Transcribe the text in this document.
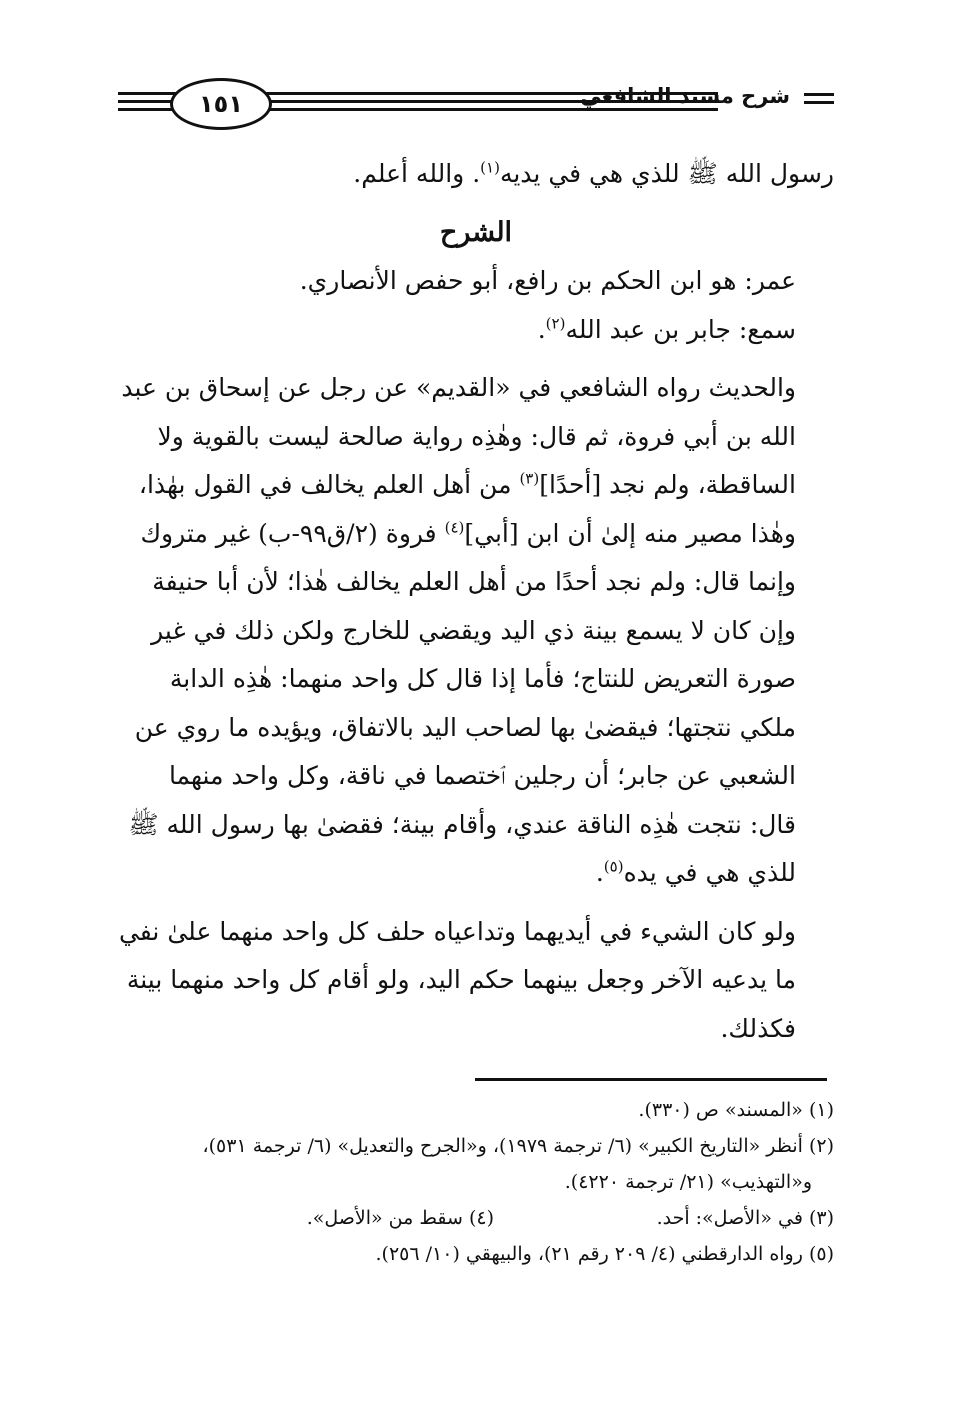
١٥١	شرح مسند الشافعي

رسول الله ﷺ للذي هي في يديه$^{(١)}$. والله أعلم.

الشرح

عمر: هو ابن الحكم بن رافع، أبو حفص الأنصاري.

سمع: جابر بن عبد الله$^{(٢)}$.

والحديث رواه الشافعي في «القديم» عن رجل عن إسحاق بن عبد الله بن أبي فروة، ثم قال: وهٰذِه رواية صالحة ليست بالقوية ولا الساقطة، ولم نجد [أحدًا]$^{(٣)}$ من أهل العلم يخالف في القول بهٰذا، وهٰذا مصير منه إلىٰ أن ابن [أبي]$^{(٤)}$ فروة (٢/ق٩٩-ب) غير متروك وإنما قال: ولم نجد أحدًا من أهل العلم يخالف هٰذا؛ لأن أبا حنيفة وإن كان لا يسمع بينة ذي اليد ويقضي للخارج ولكن ذلك في غير صورة التعريض للنتاج؛ فأما إذا قال كل واحد منهما: هٰذِه الدابة ملكي نتجتها؛ فيقضىٰ بها لصاحب اليد بالاتفاق، ويؤيده ما روي عن الشعبي عن جابر؛ أن رجلين ٱختصما في ناقة، وكل واحد منهما قال: نتجت هٰذِه الناقة عندي، وأقام بينة؛ فقضىٰ بها رسول الله ﷺ للذي هي في يده$^{(٥)}$.

ولو كان الشيء في أيديهما وتداعياه حلف كل واحد منهما علىٰ نفي ما يدعيه الآخر وجعل بينهما حكم اليد، ولو أقام كل واحد منهما بينة فكذلك.

(١) «المسند» ص (٣٣٠).

(٢) أنظر «التاريخ الكبير» (٦/ ترجمة ١٩٧٩)، و«الجرح والتعديل» (٦/ ترجمة ٥٣١)،

و«التهذيب» (٢١/ ترجمة ٤٢٢٠).

(٣) في «الأصل»: أحد.
(٤) سقط من «الأصل».

(٥) رواه الدارقطني (٤/ ٢٠٩ رقم ٢١)، والبيهقي (١٠/ ٢٥٦).
